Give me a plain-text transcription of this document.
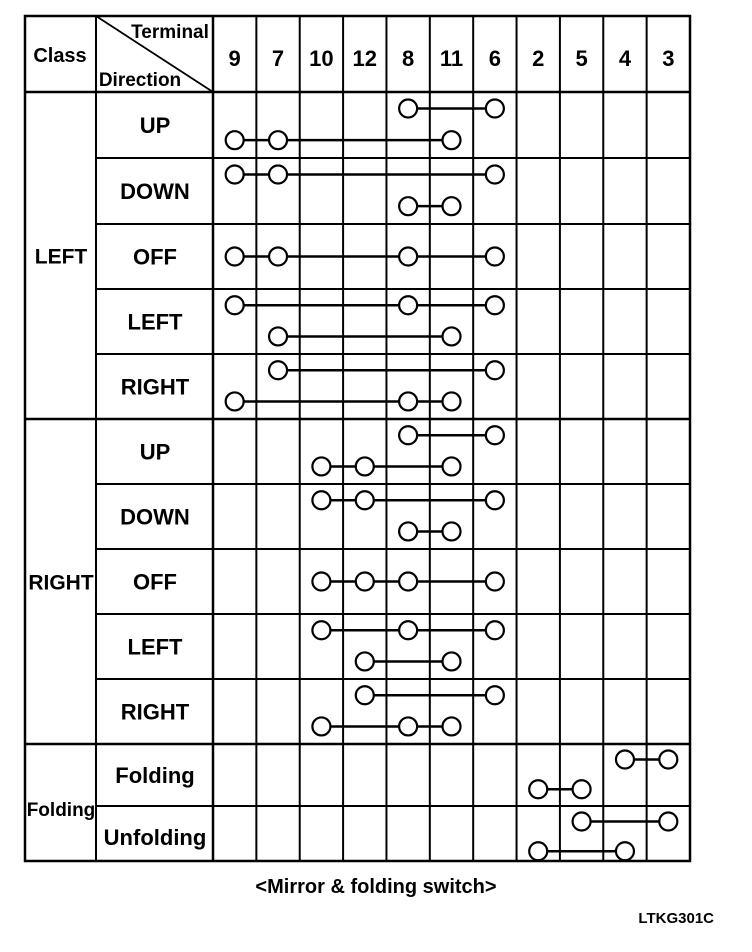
9 7 10 12 8 11 6 2 5 4 3
Class
Terminal
Direction
UP
DOWN
OFF
LEFT
RIGHT
LEFT
UP
DOWN
OFF
LEFT
RIGHT
RIGHT
Folding
Unfolding
Folding
<Mirror & folding switch>
LTKG301C
